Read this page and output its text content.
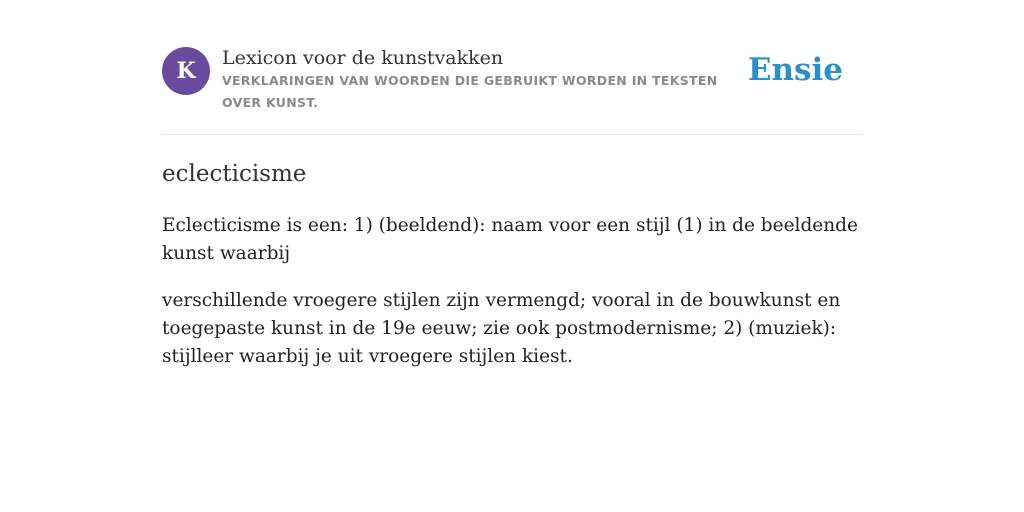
K	Lexicon voor de kunstvakken
VERKLARINGEN VAN WOORDEN DIE GEBRUIKT WORDEN IN TEKSTEN OVER KUNST.
Ensie
eclecticisme

Eclecticisme is een: 1) (beeldend): naam voor een stijl (1) in de beeldende kunst waarbij

verschillende vroegere stijlen zijn vermengd; vooral in de bouwkunst en toegepaste kunst in de 19e eeuw; zie ook postmodernisme; 2) (muziek): stijlleer waarbij je uit vroegere stijlen kiest.
